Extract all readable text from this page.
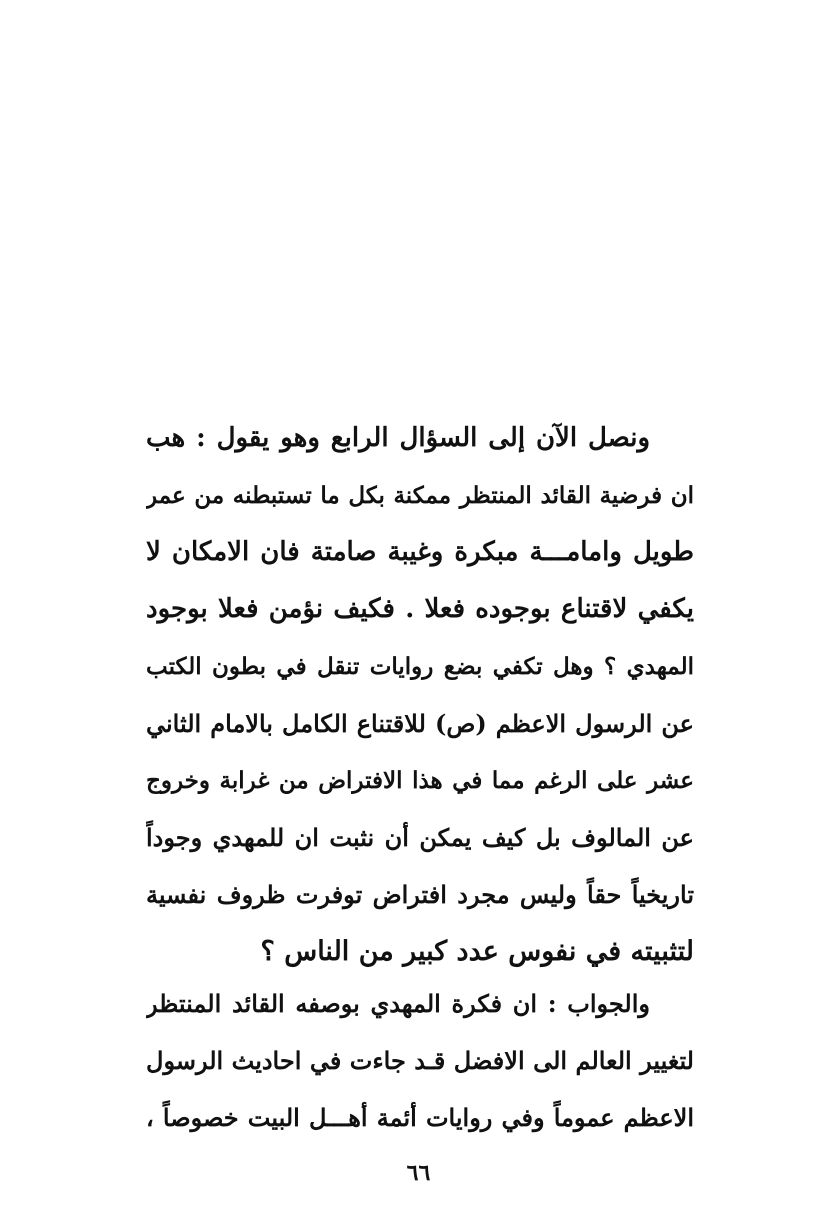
ونصل الآن إلى السؤال الرابع وهو يقول : هب
ان فرضية القائد المنتظر ممكنة بكل ما تستبطنه من عمر
طويل وامامـــة مبكرة وغيبة صامتة فان الامكان لا
يكفي لاقتناع بوجوده فعلا . فكيف نؤمن فعلا بوجود
المهدي ؟ وهل تكفي بضع روايات تنقل في بطون الكتب
عن الرسول الاعظم (ص) للاقتناع الكامل بالامام الثاني
عشر على الرغم مما في هذا الافتراض من غرابة وخروج
عن المالوف بل كيف يمكن أن نثبت ان للمهدي وجوداً
تاريخياً حقاً وليس مجرد افتراض توفرت ظروف نفسية
لتثبيته في نفوس عدد كبير من الناس ؟
والجواب : ان فكرة المهدي بوصفه القائد المنتظر
لتغيير العالم الى الافضل قـد جاءت في احاديث الرسول
الاعظم عموماً وفي روايات أئمة أهـــل البيت خصوصاً ،
٦٦
